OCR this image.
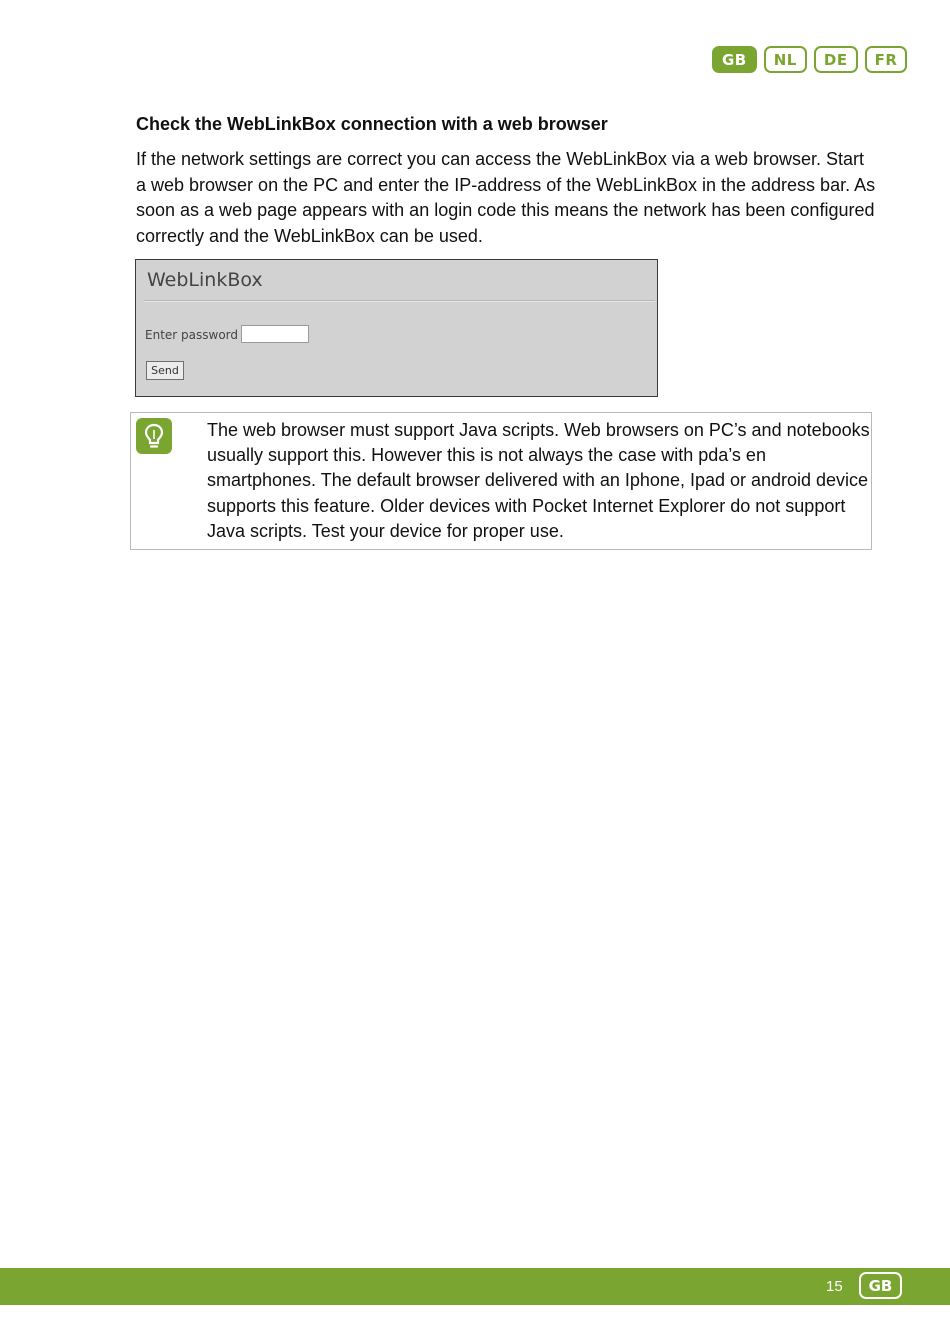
GB	NL	DE	FR
Check the WebLinkBox connection with a web browser

If the network settings are correct you can access the WebLinkBox via a web browser. Start a web browser on the PC and enter the IP-address of the WebLinkBox in the address bar. As soon as a web page appears with an login code this means the network has been configured correctly and the WebLinkBox can be used.

WebLinkBox
Enter password
Send

The web browser must support Java scripts. Web browsers on PC’s and notebooks usually support this. However this is not always the case with pda’s en smartphones. The default browser delivered with an Iphone, Ipad or android device supports this feature. Older devices with Pocket Internet Explorer do not support Java scripts. Test your device for proper use.

15	GB
